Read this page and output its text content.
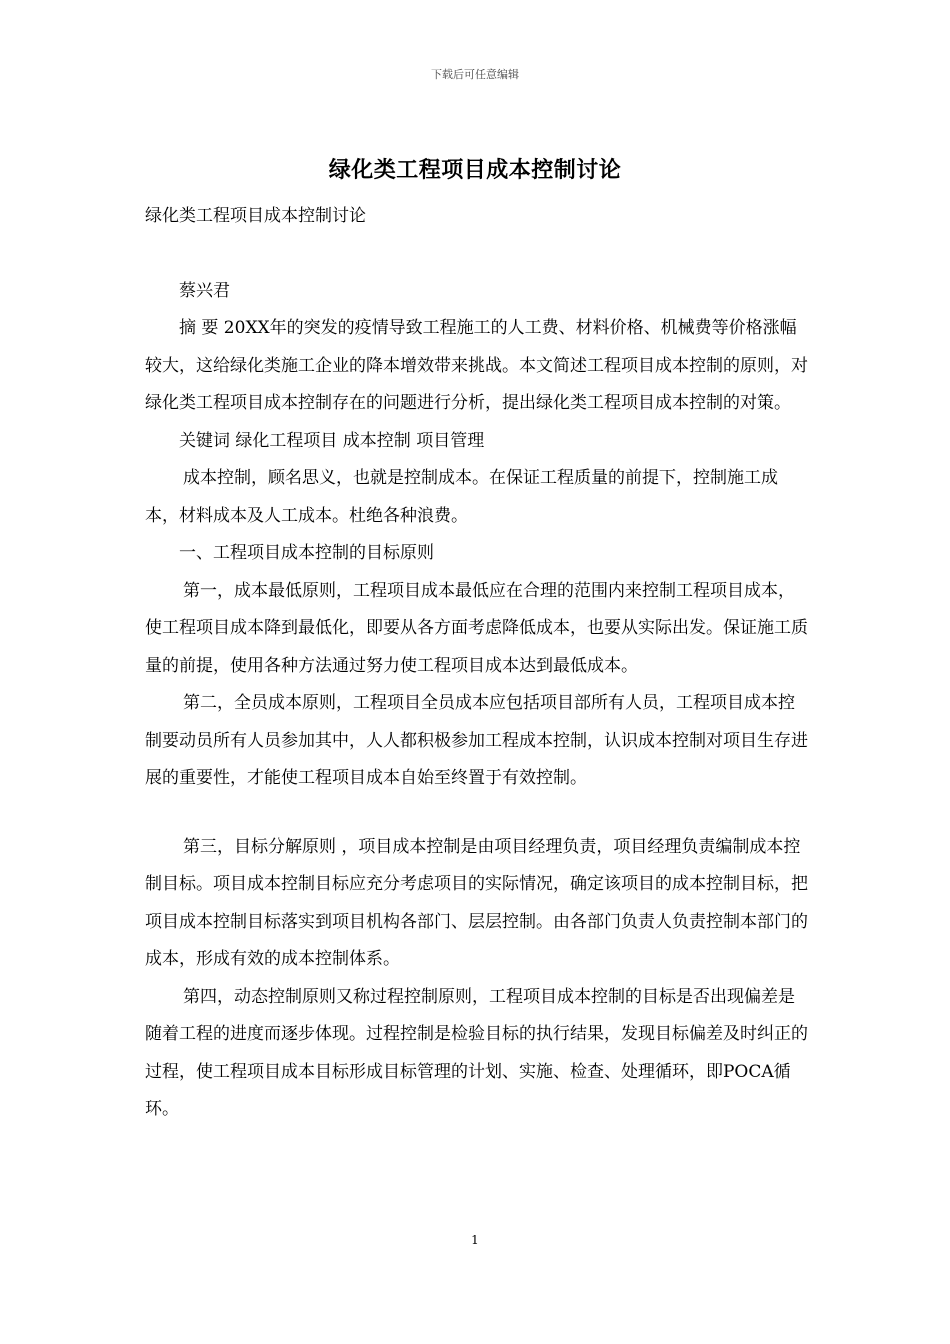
下载后可任意编辑
绿化类工程项目成本控制讨论

绿化类工程项目成本控制讨论

蔡兴君

摘 要 20XX年的突发的疫情导致工程施工的人工费、材料价格、机械费等价格涨幅较大，这给绿化类施工企业的降本增效带来挑战。本文简述工程项目成本控制的原则，对绿化类工程项目成本控制存在的问题进行分析，提出绿化类工程项目成本控制的对策。

关键词 绿化工程项目 成本控制 项目管理

成本控制，顾名思义，也就是控制成本。在保证工程质量的前提下，控制施工成本，材料成本及人工成本。杜绝各种浪费。

一、工程项目成本控制的目标原则

第一，成本最低原则，工程项目成本最低应在合理的范围内来控制工程项目成本，使工程项目成本降到最低化，即要从各方面考虑降低成本，也要从实际出发。保证施工质量的前提，使用各种方法通过努力使工程项目成本达到最低成本。

第二，全员成本原则，工程项目全员成本应包括项目部所有人员，工程项目成本控制要动员所有人员参加其中，人人都积极参加工程成本控制，认识成本控制对项目生存进展的重要性，才能使工程项目成本自始至终置于有效控制。

第三，目标分解原则 ，项目成本控制是由项目经理负责，项目经理负责编制成本控制目标。项目成本控制目标应充分考虑项目的实际情况，确定该项目的成本控制目标，把项目成本控制目标落实到项目机构各部门、层层控制。由各部门负责人负责控制本部门的成本，形成有效的成本控制体系。

第四，动态控制原则又称过程控制原则，工程项目成本控制的目标是否出现偏差是随着工程的进度而逐步体现。过程控制是检验目标的执行结果，发现目标偏差及时纠正的过程，使工程项目成本目标形成目标管理的计划、实施、检查、处理循环，即POCA循环。

1
